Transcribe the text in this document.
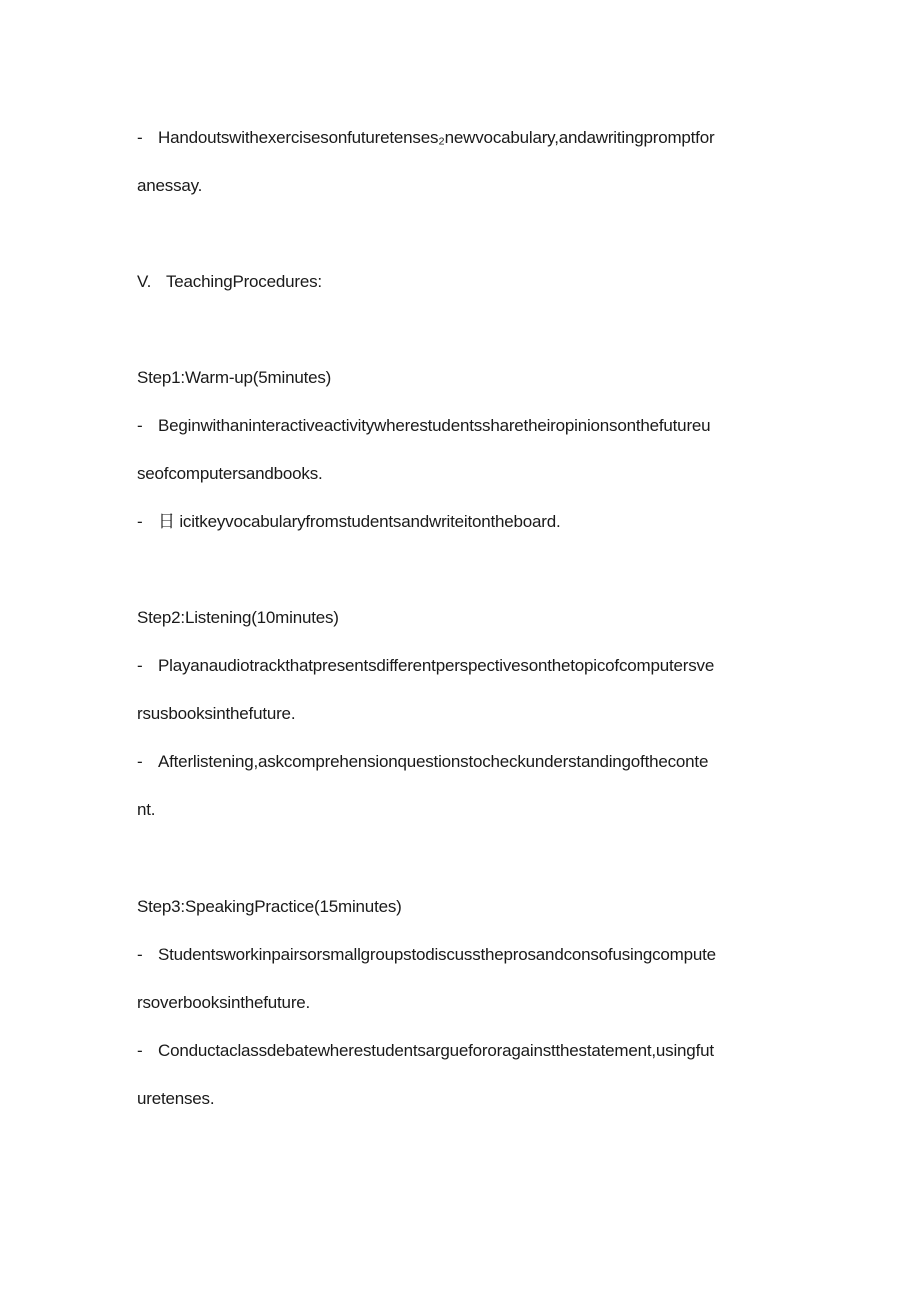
- Handoutswithexercisesonfuturetenses₂newvocabulary,andawritingpromptfor

anessay.

V. TeachingProcedures:

Step1:Warm-up(5minutes)

- Beginwithaninteractiveactivitywherestudentssharetheiropinionsonthefutureu

seofcomputersandbooks.

- 日 icitkeyvocabularyfromstudentsandwriteitontheboard.

Step2:Listening(10minutes)

- Playanaudiotrackthatpresentsdifferentperspectivesonthetopicofcomputersve

rsusbooksinthefuture.

- Afterlistening,askcomprehensionquestionstocheckunderstandingoftheconte

nt.

Step3:SpeakingPractice(15minutes)

- Studentsworkinpairsorsmallgroupstodiscusstheprosandconsofusingcompute

rsoverbooksinthefuture.

- Conductaclassdebatewherestudentsarguefororagainstthestatement,usingfut

uretenses.
